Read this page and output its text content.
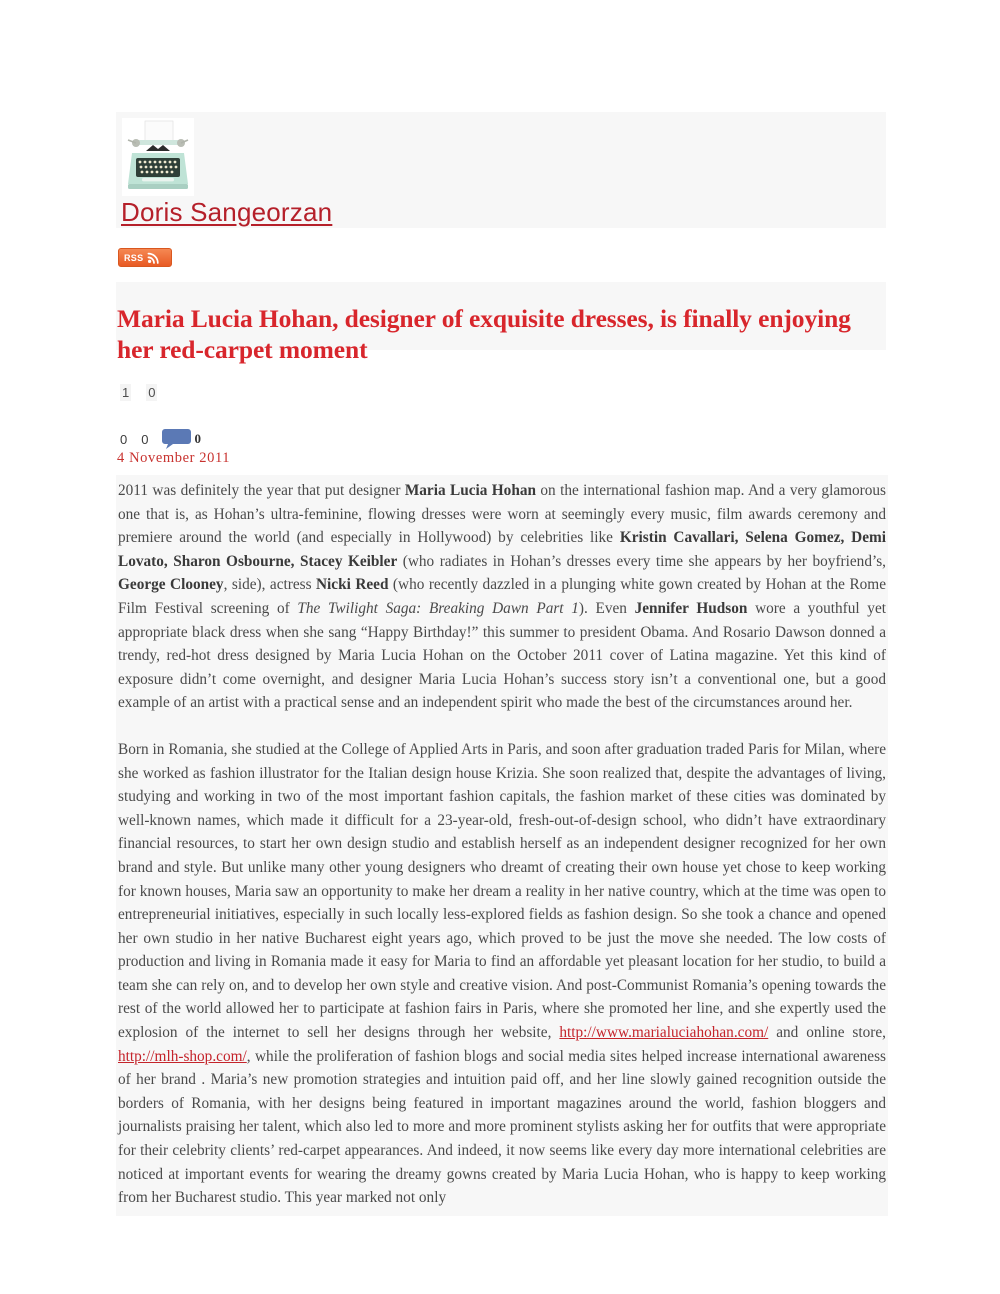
Doris Sangeorzan
RSS
Maria Lucia Hohan, designer of exquisite dresses, is finally enjoying her red-carpet moment
1 0
0 0	0
4 November 2011

2011 was definitely the year that put designer Maria Lucia Hohan on the international fashion map. And a very glamorous one that is, as Hohan’s ultra-feminine, flowing dresses were worn at seemingly every music, film awards ceremony and premiere around the world (and especially in Hollywood) by celebrities like Kristin Cavallari, Selena Gomez, Demi Lovato, Sharon Osbourne, Stacey Keibler (who radiates in Hohan’s dresses every time she appears by her boyfriend’s, George Clooney, side), actress Nicki Reed (who recently dazzled in a plunging white gown created by Hohan at the Rome Film Festival screening of The Twilight Saga: Breaking Dawn Part 1). Even Jennifer Hudson wore a youthful yet appropriate black dress when she sang “Happy Birthday!” this summer to president Obama. And Rosario Dawson donned a trendy, red-hot dress designed by Maria Lucia Hohan on the October 2011 cover of Latina magazine. Yet this kind of exposure didn’t come overnight, and designer Maria Lucia Hohan’s success story isn’t a conventional one, but a good example of an artist with a practical sense and an independent spirit who made the best of the circumstances around her.

Born in Romania, she studied at the College of Applied Arts in Paris, and soon after graduation traded Paris for Milan, where she worked as fashion illustrator for the Italian design house Krizia. She soon realized that, despite the advantages of living, studying and working in two of the most important fashion capitals, the fashion market of these cities was dominated by well-known names, which made it difficult for a 23-year-old, fresh-out-of-design school, who didn’t have extraordinary financial resources, to start her own design studio and establish herself as an independent designer recognized for her own brand and style. But unlike many other young designers who dreamt of creating their own house yet chose to keep working for known houses, Maria saw an opportunity to make her dream a reality in her native country, which at the time was open to entrepreneurial initiatives, especially in such locally less-explored fields as fashion design. So she took a chance and opened her own studio in her native Bucharest eight years ago, which proved to be just the move she needed. The low costs of production and living in Romania made it easy for Maria to find an affordable yet pleasant location for her studio, to build a team she can rely on, and to develop her own style and creative vision. And post-Communist Romania’s opening towards the rest of the world allowed her to participate at fashion fairs in Paris, where she promoted her line, and she expertly used the explosion of the internet to sell her designs through her website, http://www.marialuciahohan.com/ and online store, http://mlh-shop.com/, while the proliferation of fashion blogs and social media sites helped increase international awareness of her brand . Maria’s new promotion strategies and intuition paid off, and her line slowly gained recognition outside the borders of Romania, with her designs being featured in important magazines around the world, fashion bloggers and journalists praising her talent, which also led to more and more prominent stylists asking her for outfits that were appropriate for their celebrity clients’ red-carpet appearances. And indeed, it now seems like every day more international celebrities are noticed at important events for wearing the dreamy gowns created by Maria Lucia Hohan, who is happy to keep working from her Bucharest studio. This year marked not only
